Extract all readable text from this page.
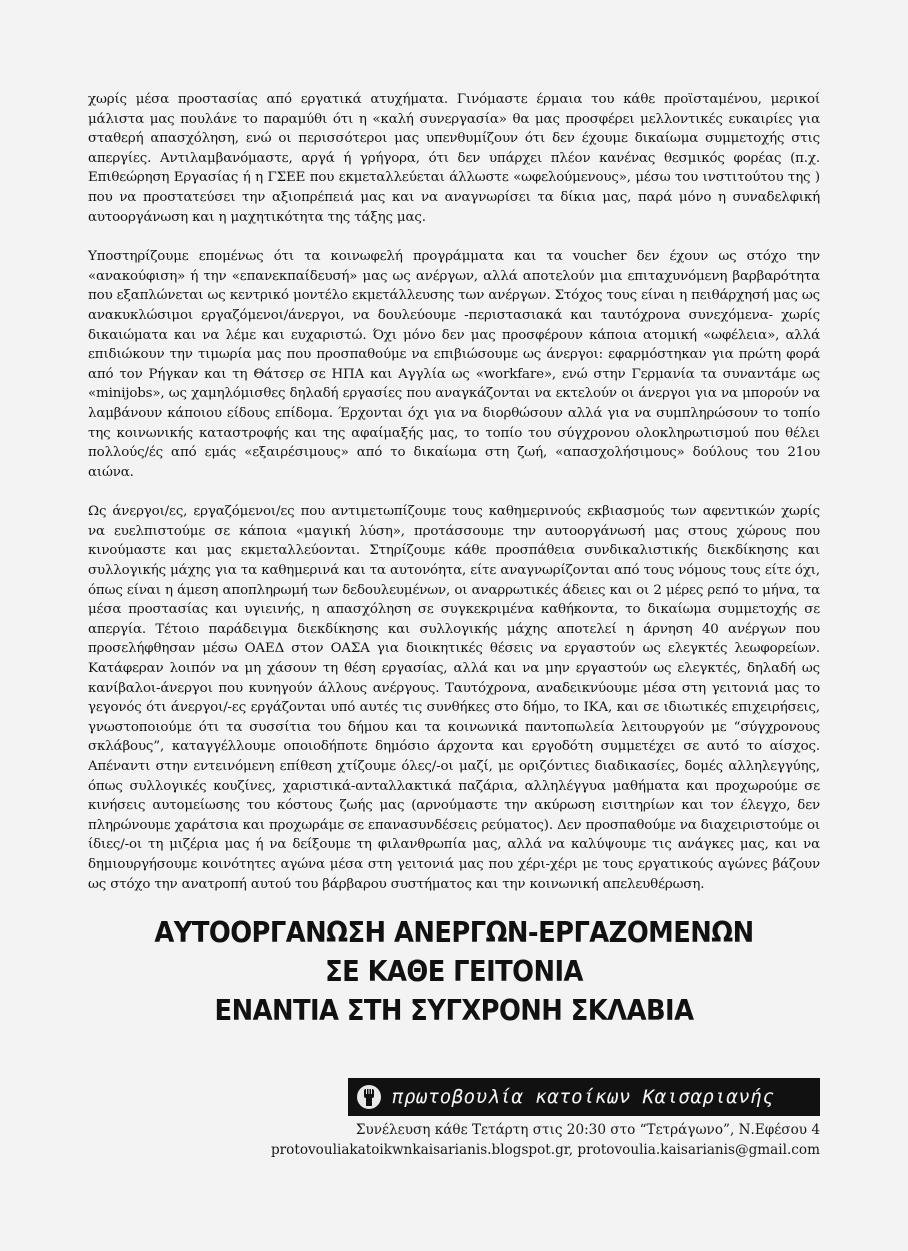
χωρίς μέσα προστασίας από εργατικά ατυχήματα. Γινόμαστε έρμαια του κάθε προϊσταμένου, μερικοί μάλιστα μας πουλάνε το παραμύθι ότι η «καλή συνεργασία» θα μας προσφέρει μελλοντικές ευκαιρίες για σταθερή απασχόληση, ενώ οι περισσότεροι μας υπενθυμίζουν ότι δεν έχουμε δικαίωμα συμμετοχής στις απεργίες. Αντιλαμβανόμαστε, αργά ή γρήγορα, ότι δεν υπάρχει πλέον κανένας θεσμικός φορέας (π.χ. Επιθεώρηση Εργασίας ή η ΓΣΕΕ που εκμεταλλεύεται άλλωστε «ωφελούμενους», μέσω του ινστιτούτου της ) που να προστατεύσει την αξιοπρέπειά μας και να αναγνωρίσει τα δίκια μας, παρά μόνο η συναδελφική αυτοοργάνωση και η μαχητικότητα της τάξης μας.

Υποστηρίζουμε επομένως ότι τα κοινωφελή προγράμματα και τα voucher δεν έχουν ως στόχο την «ανακούφιση» ή την «επανεκπαίδευσή» μας ως ανέργων, αλλά αποτελούν μια επιταχυνόμενη βαρβαρότητα που εξαπλώνεται ως κεντρικό μοντέλο εκμετάλλευσης των ανέργων. Στόχος τους είναι η πειθάρχησή μας ως ανακυκλώσιμοι εργαζόμενοι/άνεργοι, να δουλεύουμε -περιστασιακά και ταυτόχρονα συνεχόμενα- χωρίς δικαιώματα και να λέμε και ευχαριστώ. Όχι μόνο δεν μας προσφέρουν κάποια ατομική «ωφέλεια», αλλά επιδιώκουν την τιμωρία μας που προσπαθούμε να επιβιώσουμε ως άνεργοι: εφαρμόστηκαν για πρώτη φορά από τον Ρήγκαν και τη Θάτσερ σε ΗΠΑ και Αγγλία ως «workfare», ενώ στην Γερμανία τα συναντάμε ως «minijobs», ως χαμηλόμισθες δηλαδή εργασίες που αναγκάζονται να εκτελούν οι άνεργοι για να μπορούν να λαμβάνουν κάποιου είδους επίδομα. Έρχονται όχι για να διορθώσουν αλλά για να συμπληρώσουν το τοπίο της κοινωνικής καταστροφής και της αφαίμαξής μας, το τοπίο του σύγχρονου ολοκληρωτισμού που θέλει πολλούς/ές από εμάς «εξαιρέσιμους» από το δικαίωμα στη ζωή, «απασχολήσιμους» δούλους του 21ου αιώνα.

Ως άνεργοι/ες, εργαζόμενοι/ες που αντιμετωπίζουμε τους καθημερινούς εκβιασμούς των αφεντικών χωρίς να ευελπιστούμε σε κάποια «μαγική λύση», προτάσσουμε την αυτοοργάνωσή μας στους χώρους που κινούμαστε και μας εκμεταλλεύονται. Στηρίζουμε κάθε προσπάθεια συνδικαλιστικής διεκδίκησης και συλλογικής μάχης για τα καθημερινά και τα αυτονόητα, είτε αναγνωρίζονται από τους νόμους τους είτε όχι, όπως είναι η άμεση αποπληρωμή των δεδουλευμένων, οι αναρρωτικές άδειες και οι 2 μέρες ρεπό το μήνα, τα μέσα προστασίας και υγιεινής, η απασχόληση σε συγκεκριμένα καθήκοντα, το δικαίωμα συμμετοχής σε απεργία. Τέτοιο παράδειγμα διεκδίκησης και συλλογικής μάχης αποτελεί η άρνηση 40 ανέργων που προσελήφθησαν μέσω ΟΑΕΔ στον ΟΑΣΑ για διοικητικές θέσεις να εργαστούν ως ελεγκτές λεωφορείων. Κατάφεραν λοιπόν να μη χάσουν τη θέση εργασίας, αλλά και να μην εργαστούν ως ελεγκτές, δηλαδή ως κανίβαλοι-άνεργοι που κυνηγούν άλλους ανέργους. Ταυτόχρονα, αναδεικνύουμε μέσα στη γειτονιά μας το γεγονός ότι άνεργοι/-ες εργάζονται υπό αυτές τις συνθήκες στο δήμο, το ΙΚΑ, και σε ιδιωτικές επιχειρήσεις, γνωστοποιούμε ότι τα συσσίτια του δήμου και τα κοινωνικά παντοπωλεία λειτουργούν με “σύγχρονους σκλάβους”, καταγγέλλουμε οποιοδήποτε δημόσιο άρχοντα και εργοδότη συμμετέχει σε αυτό το αίσχος. Απέναντι στην εντεινόμενη επίθεση χτίζουμε όλες/-οι μαζί, με οριζόντιες διαδικασίες, δομές αλληλεγγύης, όπως συλλογικές κουζίνες, χαριστικά-ανταλλακτικά παζάρια, αλληλέγγυα μαθήματα και προχωρούμε σε κινήσεις αυτομείωσης του κόστους ζωής μας (αρνούμαστε την ακύρωση εισιτηρίων και τον έλεγχο, δεν πληρώνουμε χαράτσια και προχωράμε σε επανασυνδέσεις ρεύματος). Δεν προσπαθούμε να διαχειριστούμε οι ίδιες/-οι τη μιζέρια μας ή να δείξουμε τη φιλανθρωπία μας, αλλά να καλύψουμε τις ανάγκες μας, και να δημιουργήσουμε κοινότητες αγώνα μέσα στη γειτονιά μας που χέρι-χέρι με τους εργατικούς αγώνες βάζουν ως στόχο την ανατροπή αυτού του βάρβαρου συστήματος και την κοινωνική απελευθέρωση.

ΑΥΤΟΟΡΓΑΝΩΣΗ ΑΝΕΡΓΩΝ-ΕΡΓΑΖΟΜΕΝΩΝ
ΣΕ ΚΑΘΕ ΓΕΙΤΟΝΙΑ
ΕΝΑΝΤΙΑ ΣΤΗ ΣΥΓΧΡΟΝΗ ΣΚΛΑΒΙΑ
πρωτοβουλία κατοίκων Καισαριανής
Συνέλευση κάθε Τετάρτη στις 20:30 στο “Τετράγωνο”, Ν.Εφέσου 4
protovouliakatoikwnkaisarianis.blogspot.gr, protovoulia.kaisarianis@gmail.com
